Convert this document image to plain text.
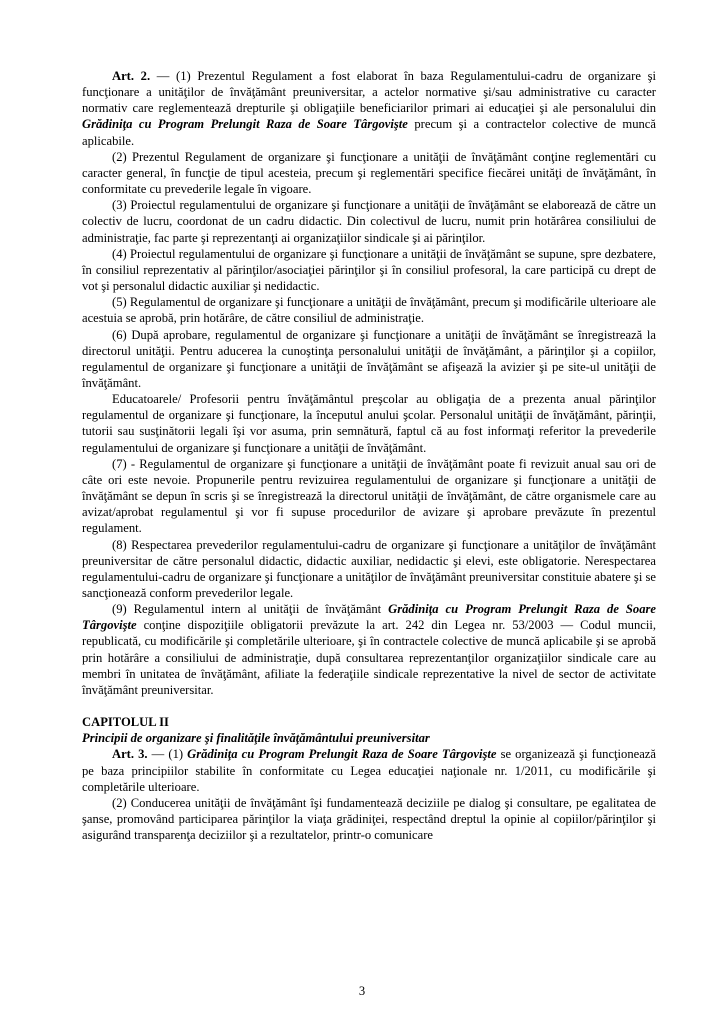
Art. 2. — (1) Prezentul Regulament a fost elaborat în baza Regulamentului-cadru de organizare şi funcţionare a unităţilor de învăţământ preuniversitar, a actelor normative şi/sau administrative cu caracter normativ care reglementează drepturile şi obligaţiile beneficiarilor primari ai educaţiei şi ale personalului din Grădiniţa cu Program Prelungit Raza de Soare Târgovişte precum şi a contractelor colective de muncă aplicabile.

(2) Prezentul Regulament de organizare şi funcţionare a unităţii de învăţământ conţine reglementări cu caracter general, în funcţie de tipul acesteia, precum şi reglementări specifice fiecărei unităţi de învăţământ, în conformitate cu prevederile legale în vigoare.

(3) Proiectul regulamentului de organizare şi funcţionare a unităţii de învăţământ se elaborează de către un colectiv de lucru, coordonat de un cadru didactic. Din colectivul de lucru, numit prin hotărârea consiliului de administraţie, fac parte şi reprezentanţi ai organizaţiilor sindicale şi ai părinţilor.

(4) Proiectul regulamentului de organizare şi funcţionare a unităţii de învăţământ se supune, spre dezbatere, în consiliul reprezentativ al părinţilor/asociaţiei părinţilor şi în consiliul profesoral, la care participă cu drept de vot şi personalul didactic auxiliar şi nedidactic.

(5) Regulamentul de organizare şi funcţionare a unităţii de învăţământ, precum şi modificările ulterioare ale acestuia se aprobă, prin hotărâre, de către consiliul de administraţie.

(6) După aprobare, regulamentul de organizare şi funcţionare a unităţii de învăţământ se înregistrează la directorul unităţii. Pentru aducerea la cunoştinţa personalului unităţii de învăţământ, a părinţilor şi a copiilor, regulamentul de organizare şi funcţionare a unităţii de învăţământ se afişează la avizier şi pe site-ul unităţii de învăţământ.

Educatoarele/ Profesorii pentru învăţământul preşcolar au obligaţia de a prezenta anual părinţilor regulamentul de organizare şi funcţionare, la începutul anului şcolar. Personalul unităţii de învăţământ, părinţii, tutorii sau susţinătorii legali îşi vor asuma, prin semnătură, faptul că au fost informaţi referitor la prevederile regulamentului de organizare şi funcţionare a unităţii de învăţământ.

(7) - Regulamentul de organizare şi funcţionare a unităţii de învăţământ poate fi revizuit anual sau ori de câte ori este nevoie. Propunerile pentru revizuirea regulamentului de organizare şi funcţionare a unităţii de învăţământ se depun în scris şi se înregistrează la directorul unităţii de învăţământ, de către organismele care au avizat/aprobat regulamentul şi vor fi supuse procedurilor de avizare şi aprobare prevăzute în prezentul regulament.

(8) Respectarea prevederilor regulamentului-cadru de organizare şi funcţionare a unităţilor de învăţământ preuniversitar de către personalul didactic, didactic auxiliar, nedidactic şi elevi, este obligatorie. Nerespectarea regulamentului-cadru de organizare şi funcţionare a unităţilor de învăţământ preuniversitar constituie abatere şi se sancţionează conform prevederilor legale.

(9) Regulamentul intern al unităţii de învăţământ Grădiniţa cu Program Prelungit Raza de Soare Târgovişte conţine dispoziţiile obligatorii prevăzute la art. 242 din Legea nr. 53/2003 — Codul muncii, republicată, cu modificările şi completările ulterioare, şi în contractele colective de muncă aplicabile şi se aprobă prin hotărâre a consiliului de administraţie, după consultarea reprezentanţilor organizaţiilor sindicale care au membri în unitatea de învăţământ, afiliate la federaţiile sindicale reprezentative la nivel de sector de activitate învăţământ preuniversitar.

CAPITOLUL II

Principii de organizare şi finalităţile învăţământului preuniversitar

Art. 3. — (1) Grădiniţa cu Program Prelungit Raza de Soare Târgovişte se organizează şi funcţionează pe baza principiilor stabilite în conformitate cu Legea educaţiei naţionale nr. 1/2011, cu modificările şi completările ulterioare.

(2) Conducerea unităţii de învăţământ îşi fundamentează deciziile pe dialog şi consultare, pe egalitatea de şanse, promovând participarea părinţilor la viaţa grădiniţei, respectând dreptul la opinie al copiilor/părinţilor şi asigurând transparenţa deciziilor şi a rezultatelor, printr-o comunicare

3
